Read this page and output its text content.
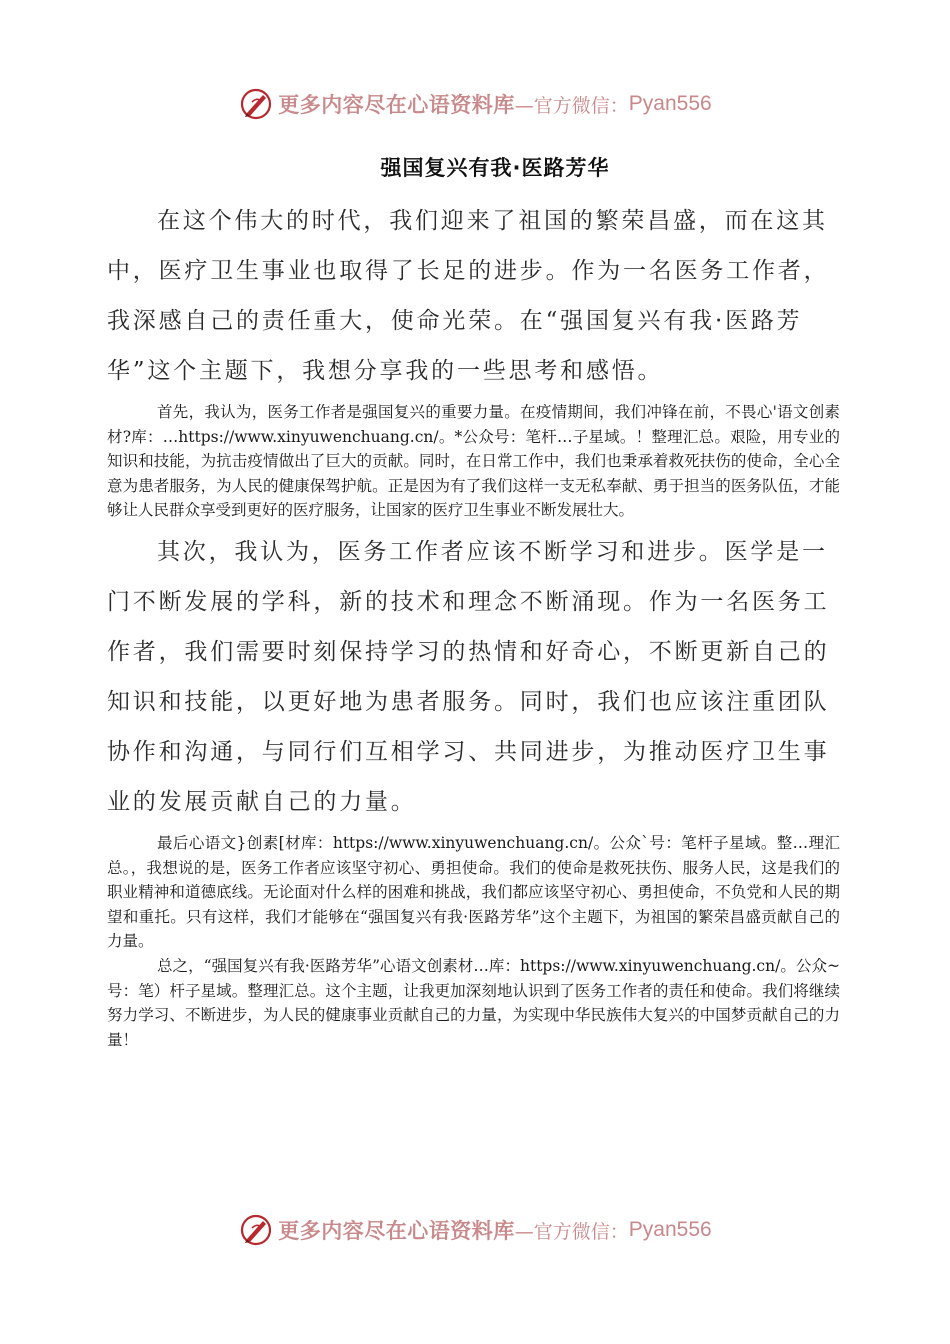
更多内容尽在心语资料库 —官方微信： Pyan556
强国复兴有我·医路芳华

在这个伟大的时代，我们迎来了祖国的繁荣昌盛，而在这其中，医疗卫生事业也取得了长足的进步。作为一名医务工作者，我深感自己的责任重大，使命光荣。在“强国复兴有我·医路芳华”这个主题下，我想分享我的一些思考和感悟。

首先，我认为，医务工作者是强国复兴的重要力量。在疫情期间，我们冲锋在前，不畏心'语文创素材?库：…https://www.xinyuwenchuang.cn/。*公众号：笔杆…子星域。！整理汇总。艰险，用专业的知识和技能，为抗击疫情做出了巨大的贡献。同时，在日常工作中，我们也秉承着救死扶伤的使命，全心全意为患者服务，为人民的健康保驾护航。正是因为有了我们这样一支无私奉献、勇于担当的医务队伍，才能够让人民群众享受到更好的医疗服务，让国家的医疗卫生事业不断发展壮大。

其次，我认为，医务工作者应该不断学习和进步。医学是一门不断发展的学科，新的技术和理念不断涌现。作为一名医务工作者，我们需要时刻保持学习的热情和好奇心，不断更新自己的知识和技能，以更好地为患者服务。同时，我们也应该注重团队协作和沟通，与同行们互相学习、共同进步，为推动医疗卫生事业的发展贡献自己的力量。

最后心语文}创素[材库：https://www.xinyuwenchuang.cn/。公众`号：笔杆子星域。整…理汇总。，我想说的是，医务工作者应该坚守初心、勇担使命。我们的使命是救死扶伤、服务人民，这是我们的职业精神和道德底线。无论面对什么样的困难和挑战，我们都应该坚守初心、勇担使命，不负党和人民的期望和重托。只有这样，我们才能够在“强国复兴有我·医路芳华”这个主题下，为祖国的繁荣昌盛贡献自己的力量。

总之，“强国复兴有我·医路芳华”心语文创素材…库：https://www.xinyuwenchuang.cn/。公众~号：笔）杆子星域。整理汇总。这个主题，让我更加深刻地认识到了医务工作者的责任和使命。我们将继续努力学习、不断进步，为人民的健康事业贡献自己的力量，为实现中华民族伟大复兴的中国梦贡献自己的力量！

更多内容尽在心语资料库 —官方微信： Pyan556
